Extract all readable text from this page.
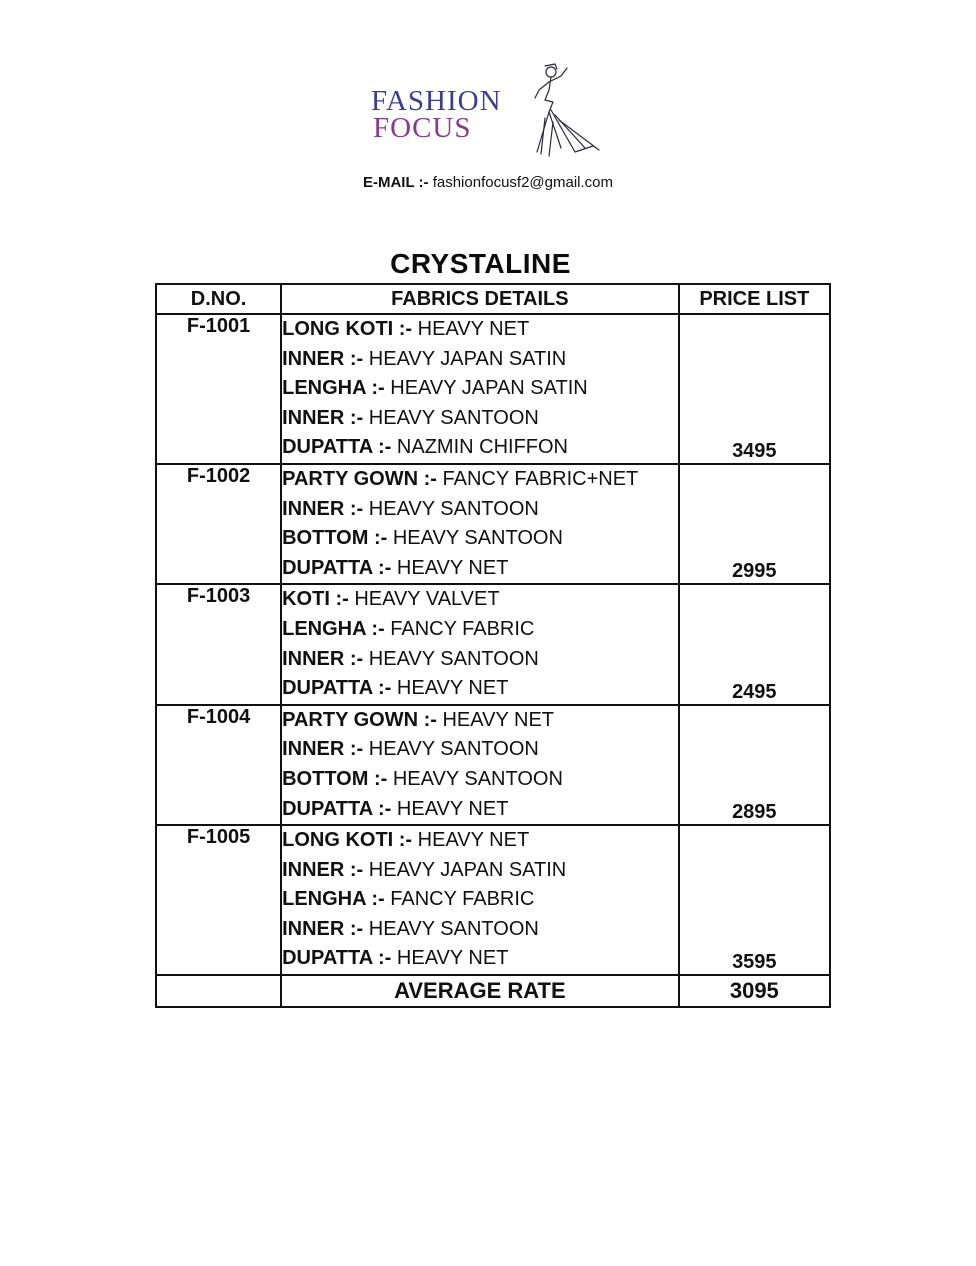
FASHION
FOCUS
E-MAIL :- fashionfocusf2@gmail.com
CRYSTALINE
D.NO.	FABRICS DETAILS	PRICE LIST
F-1001	LONG KOTI :- HEAVY NET
INNER :- HEAVY JAPAN SATIN
LENGHA :- HEAVY JAPAN SATIN
INNER :- HEAVY SANTOON
DUPATTA :- NAZMIN CHIFFON	3495
F-1002	PARTY GOWN :- FANCY FABRIC+NET
INNER :- HEAVY SANTOON
BOTTOM :- HEAVY SANTOON
DUPATTA :- HEAVY NET	2995
F-1003	KOTI :- HEAVY VALVET
LENGHA :- FANCY FABRIC
INNER :- HEAVY SANTOON
DUPATTA :- HEAVY NET	2495
F-1004	PARTY GOWN :- HEAVY NET
INNER :- HEAVY SANTOON
BOTTOM :- HEAVY SANTOON
DUPATTA :- HEAVY NET	2895
F-1005	LONG KOTI :- HEAVY NET
INNER :- HEAVY JAPAN SATIN
LENGHA :- FANCY FABRIC
INNER :- HEAVY SANTOON
DUPATTA :- HEAVY NET	3595
	AVERAGE RATE	3095
